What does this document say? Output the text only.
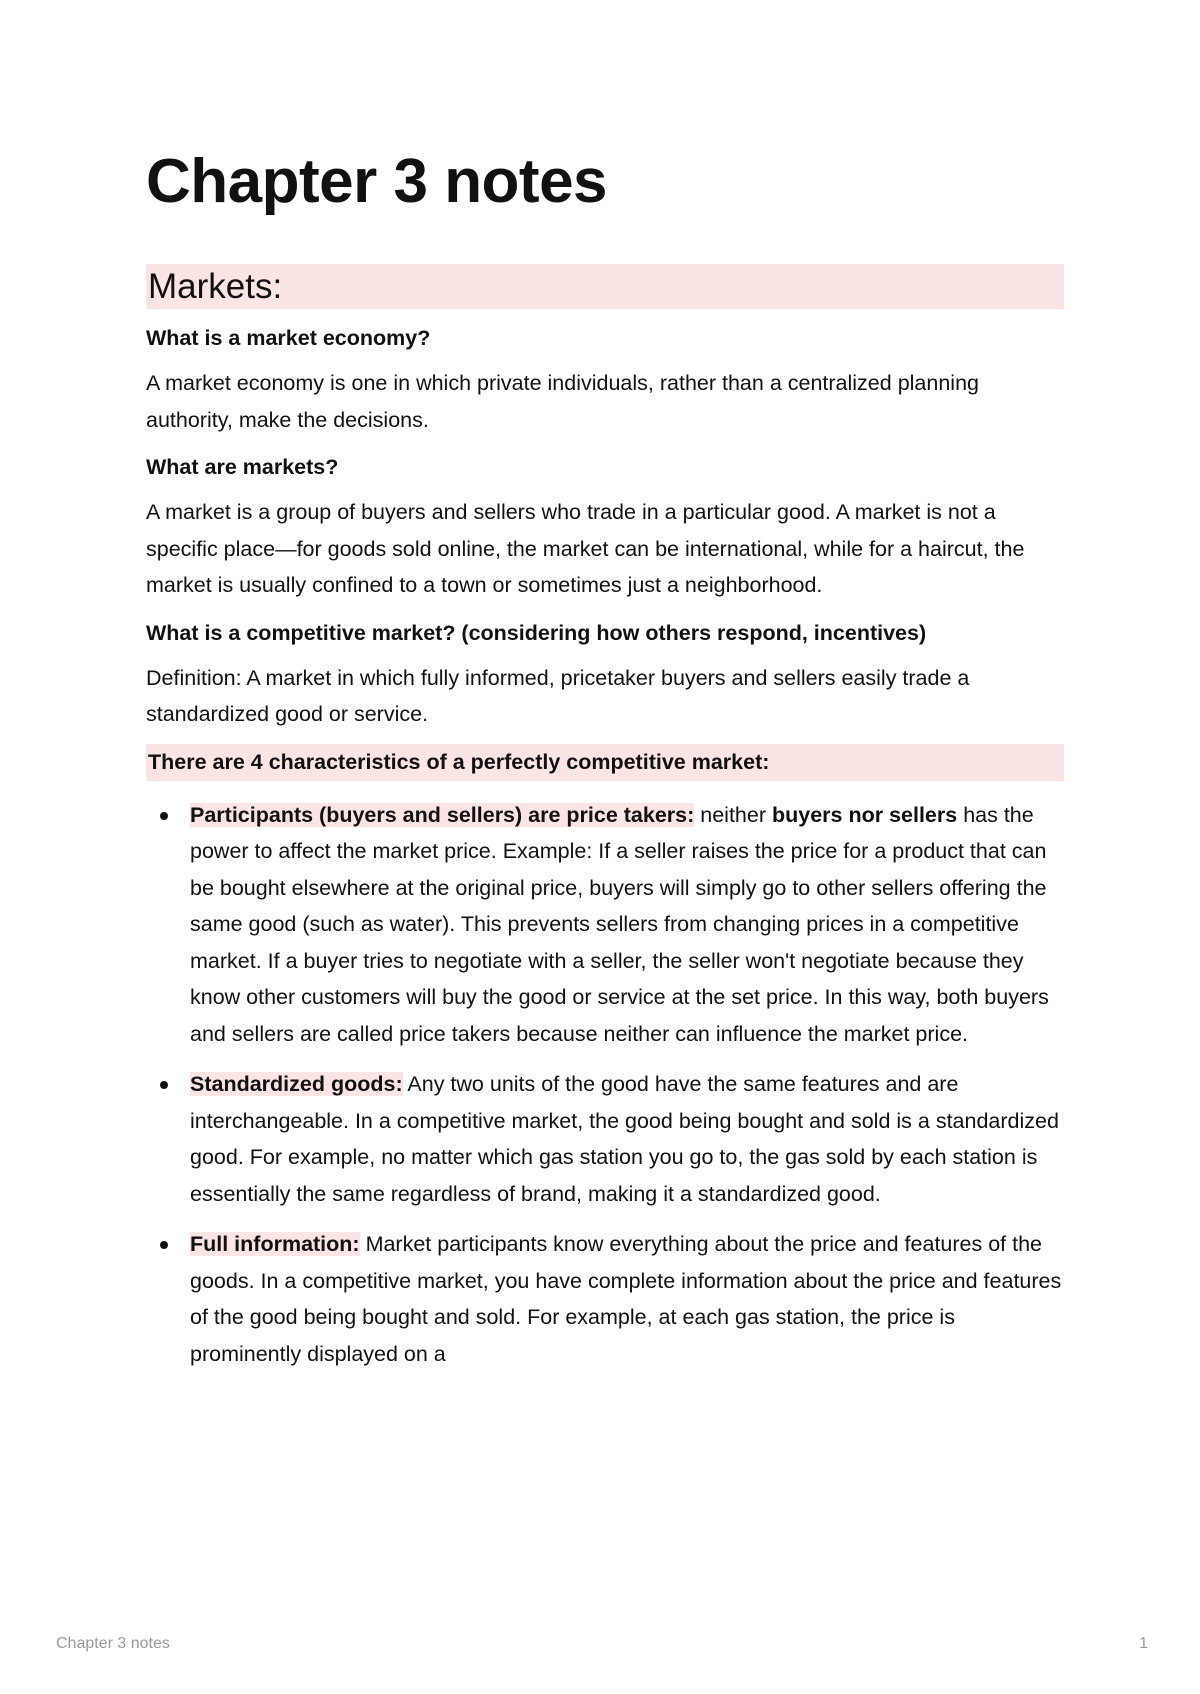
Chapter 3 notes
Markets:

What is a market economy?

A market economy is one in which private individuals, rather than a centralized planning authority, make the decisions.

What are markets?

A market is a group of buyers and sellers who trade in a particular good. A market is not a specific place—for goods sold online, the market can be international, while for a haircut, the market is usually confined to a town or sometimes just a neighborhood.

What is a competitive market? (considering how others respond, incentives)

Definition: A market in which fully informed, pricetaker buyers and sellers easily trade a standardized good or service.

There are 4 characteristics of a perfectly competitive market:

Participants (buyers and sellers) are price takers: neither buyers nor sellers has the power to affect the market price. Example: If a seller raises the price for a product that can be bought elsewhere at the original price, buyers will simply go to other sellers offering the same good (such as water). This prevents sellers from changing prices in a competitive market. If a buyer tries to negotiate with a seller, the seller won't negotiate because they know other customers will buy the good or service at the set price. In this way, both buyers and sellers are called price takers because neither can influence the market price.
Standardized goods: Any two units of the good have the same features and are interchangeable. In a competitive market, the good being bought and sold is a standardized good. For example, no matter which gas station you go to, the gas sold by each station is essentially the same regardless of brand, making it a standardized good.
Full information: Market participants know everything about the price and features of the goods. In a competitive market, you have complete information about the price and features of the good being bought and sold. For example, at each gas station, the price is prominently displayed on a
Chapter 3 notes	1
